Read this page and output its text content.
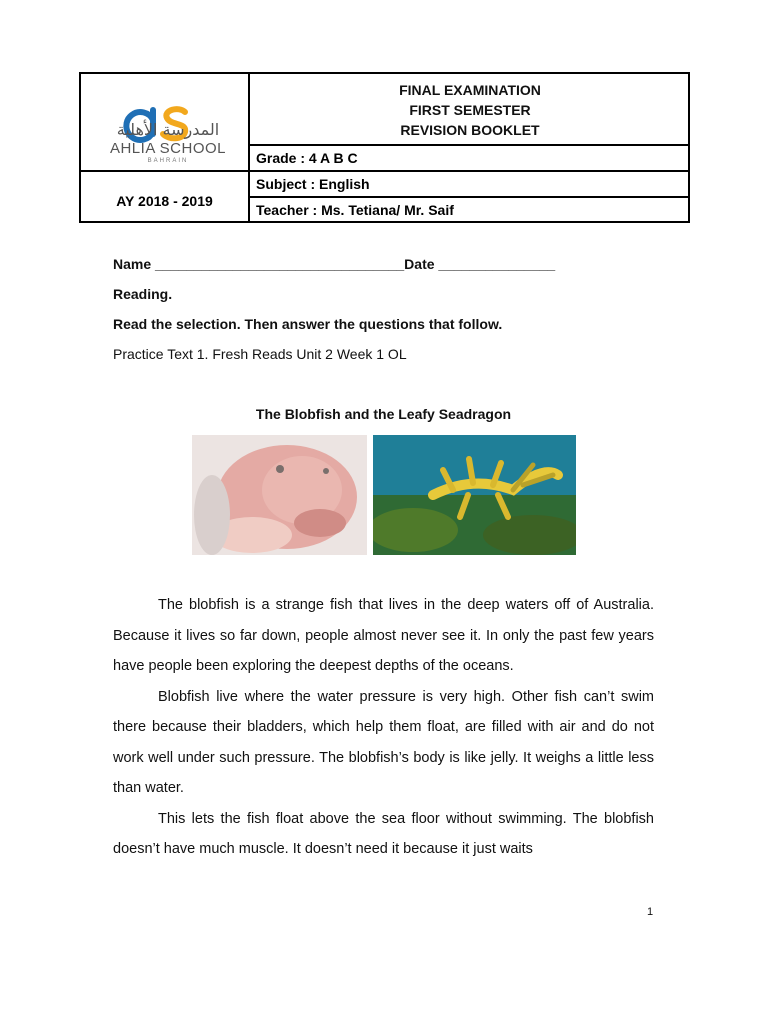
المدرسة الأهلية
AHLIA SCHOOL
BAHRAIN
FINAL EXAMINATION
FIRST SEMESTER
REVISION BOOKLET
Grade : 4 A B C
AY 2018 - 2019
Subject : English
Teacher : Ms. Tetiana/ Mr. Saif
Name ________________________________Date _______________
Reading.
Read the selection. Then answer the questions that follow.
Practice Text 1. Fresh Reads Unit 2 Week 1 OL
The Blobfish and the Leafy Seadragon

The blobfish is a strange fish that lives in the deep waters off of Australia. Because it lives so far down, people almost never see it. In only the past few years have people been exploring the deepest depths of the oceans.

Blobfish live where the water pressure is very high. Other fish can’t swim there because their bladders, which help them float, are filled with air and do not work well under such pressure. The blobfish’s body is like jelly. It weighs a little less than water.

This lets the fish float above the sea floor without swimming. The blobfish doesn’t have much muscle. It doesn’t need it because it just waits

1
